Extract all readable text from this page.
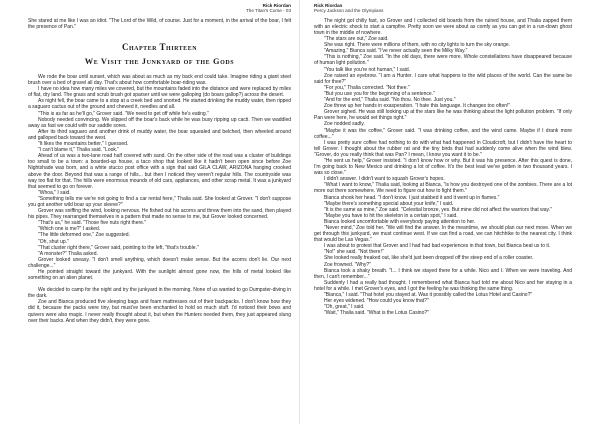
Rick Riordan
The Titan's Curse - 03

She stared at me like I was an idiot. "The Lord of the Wild, of course. Just for a moment, in the arrival of the boar, I felt the presence of Pan."

Chapter Thirteen
We Visit the Junkyard of the Gods

We rode the boar until sunset, which was about as much as my back end could take. Imagine riding a giant steel brush over a bed of gravel all day. That's about how comfortable boar-riding was.

I have no idea how many miles we covered, but the mountains faded into the distance and were replaced by miles of flat, dry land. The grass and scrub brush got sparser until we were galloping (do boars gallop?) across the desert.

As night fell, the boar came to a stop at a creek bed and snorted. He started drinking the muddy water, then ripped a saguaro cactus out of the ground and chewed it, needles and all.

"This is as far as he'll go," Grover said. "We need to get off while he's eating."

Nobody needed convincing. We slipped off the boar's back while he was busy ripping up cacti. Then we waddled away as fast we could with our saddle sores.

After its third saguaro and another drink of muddy water, the boar squealed and belched, then wheeled around and galloped back toward the west.

"It likes the mountains better," I guessed.

"I can't blame it," Thalia said. "Look."

Ahead of us was a two-lane road half covered with sand. On the other side of the road was a cluster of buildings too small to be a town: a boarded-up house, a taco shop that looked like it hadn't been open since before Zoe Nightshade was born, and a white stucco post office with a sign that said GILA CLAW, ARIZONA hanging crooked above the door. Beyond that was a range of hills... but then I noticed they weren't regular hills. The countryside was way too flat for that. The hills were enormous mounds of old cars, appliances, and other scrap metal. It was a junkyard that seemed to go on forever.

"Whoa," I said.

"Something tells me we're not going to find a car rental here," Thalia said. She looked at Grover. "I don't suppose you got another wild boar up your sleeve?"

Grover was sniffing the wind, looking nervous. He fished out his acorns and threw them into the sand, then played his pipes. They rearranged themselves in a pattern that made no sense to me, but Grover looked concerned.

"That's us," he said. "Those five nuts right there."

"Which one is me?" I asked.

"The little deformed one," Zoe suggested.

"Oh, shut up."

"That cluster right there," Grover said, pointing to the left, "that's trouble."

"A monster?" Thalia asked.

Grover looked uneasy. "I don't smell anything, which doesn't make sense. But the acorns don't lie. Our next challenge..."

He pointed straight toward the junkyard. With the sunlight almost gone now, the hills of metal looked like something on an alien planet.

We decided to camp for the night and try the junkyard in the morning. None of us wanted to go Dumpster-diving in the dark.

Zoe and Bianca produced five sleeping bags and foam mattresses out of their backpacks. I don't know how they did it, because the packs were tiny, but must've been enchanted to hold so much stuff. I'd noticed their bows and quivers were also magic. I never really thought about it, but when the Hunters needed them, they just appeared slung over their backs. And when they didn't, they were gone.

Rick Riordan
Percy Jackson and the Olympians

The night got chilly fast, so Grover and I collected old boards from the ruined house, and Thalia zapped them with an electric shock to start a campfire. Pretty soon we were about as comfy as you can get in a run-down ghost town in the middle of nowhere.

"The stars are out," Zoe said.

She was right. There were millions of them, with no city lights to turn the sky orange.

"Amazing," Bianca said. "I've never actually seen the Milky Way."

"This is nothing," Zoe said. "In the old days, there were more. Whole constellations have disappeared because of human light pollution."

"You talk like you're not human," I said.

Zoe raised an eyebrow. "I am a Hunter. I care what happens to the wild places of the world. Can the same be said for thee?"

"For you," Thalia corrected. "Not thee."

"But you use you for the beginning of a sentence."

"And for the end," Thalia said. "No thou. No thee. Just you."

Zoe threw up her hands in exasperation. "I hate this language. It changes too often!"

Grover sighed. He was still looking up at the stars like he was thinking about the light pollution problem. "If only Pan were here, he would set things right."

Zoe nodded sadly.

"Maybe it was the coffee," Grover said. "I was drinking coffee, and the wind came. Maybe if I drank more coffee..."

I was pretty sure coffee had nothing to do with what had happened in Cloudcroft, but I didn't have the heart to tell Grover. I thought about the rubber rat and the tiny birds that had suddenly come alive when the wind blew. "Grover, do you really think that was Pan? I mean, I know you want it to be."

"He sent us help," Grover insisted. "I don't know how or why. But it was his presence. After this quest is done, I'm going back to New Mexico and drinking a lot of coffee. It's the best lead we've gotten in two thousand years. I was so close."

I didn't answer. I didn't want to squash Grover's hopes.

"What I want to know," Thalia said, looking at Bianca, "is how you destroyed one of the zombies. There are a lot more out there somewhere. We need to figure out how to fight them."

Bianca shook her head. "I don't know. I just stabbed it and it went up in flames."

"Maybe there's something special about your knife," I said.

"It is the same as mine," Zoe said. "Celestial bronze, yes. But mine did not affect the warriors that way."

"Maybe you have to hit the skeleton in a certain spot," I said.

Bianca looked uncomfortable with everybody paying attention to her.

"Never mind," Zoe told her. "We will find the answer. In the meantime, we should plan our next move. When we get through this junkyard, we must continue west. If we can find a road, we can hitchhike to the nearest city. I think that would be Las Vegas."

I was about to protest that Grover and I had had bad experiences in that town, but Bianca beat us to it.

"No!" she said. "Not there!"

She looked really freaked out, like she'd just been dropped off the steep end of a roller coaster.

Zoe frowned. "Why?"

Bianca took a shaky breath. "I... I think we stayed there for a while. Nico and I. When we were traveling. And then, I can't remember..."

Suddenly I had a really bad thought. I remembered what Bianca had told me about Nico and her staying in a hotel for a while. I met Grover's eyes, and I got the feeling he was thinking the same thing.

"Bianca," I said. "That hotel you stayed at. Was it possibly called the Lotus Hotel and Casino?"

Her eyes widened. "How could you know that?"

"Oh, great," I said.

"Wait," Thalia said. "What is the Lotus Casino?"
